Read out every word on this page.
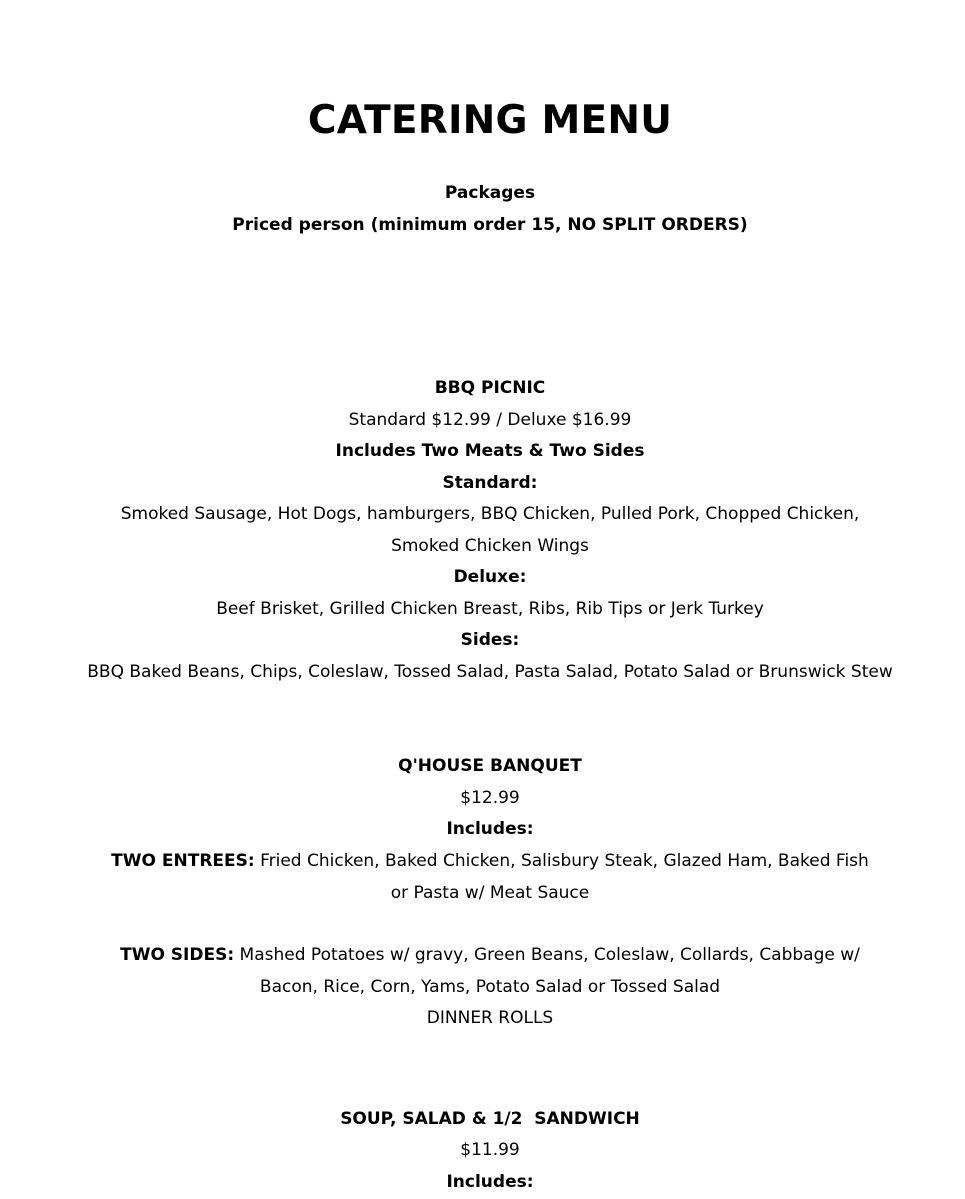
CATERING MENU
Packages
Priced person (minimum order 15, NO SPLIT ORDERS)
BBQ PICNIC
Standard $12.99 / Deluxe $16.99
Includes Two Meats & Two Sides
Standard:
Smoked Sausage, Hot Dogs, hamburgers, BBQ Chicken, Pulled Pork, Chopped Chicken, Smoked Chicken Wings
Deluxe:
Beef Brisket, Grilled Chicken Breast, Ribs, Rib Tips or Jerk Turkey
Sides:
BBQ Baked Beans, Chips, Coleslaw, Tossed Salad, Pasta Salad, Potato Salad or Brunswick Stew
Q'HOUSE BANQUET
$12.99
Includes:
TWO ENTREES: Fried Chicken, Baked Chicken, Salisbury Steak, Glazed Ham, Baked Fish or Pasta w/ Meat Sauce
TWO SIDES: Mashed Potatoes w/ gravy, Green Beans, Coleslaw, Collards, Cabbage w/ Bacon, Rice, Corn, Yams, Potato Salad or Tossed Salad
DINNER ROLLS
SOUP, SALAD & 1/2  SANDWICH
$11.99
Includes:
